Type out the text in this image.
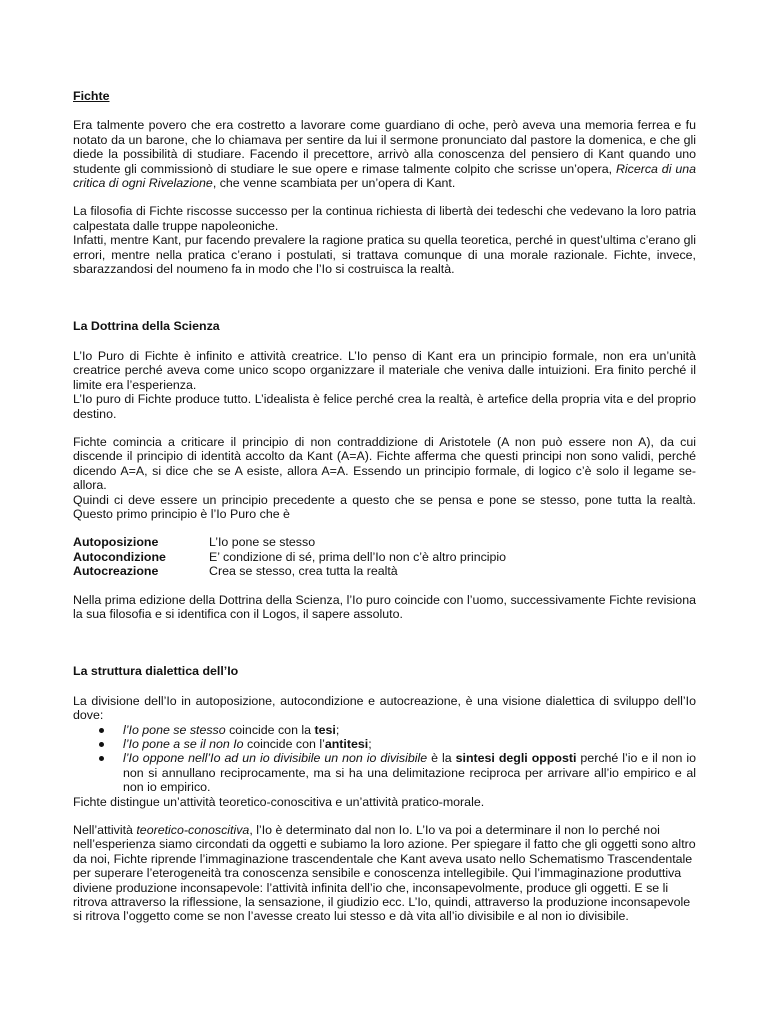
Fichte

Era talmente povero che era costretto a lavorare come guardiano di oche, però aveva una memoria ferrea e fu notato da un barone, che lo chiamava per sentire da lui il sermone pronunciato dal pastore la domenica, e che gli diede la possibilità di studiare. Facendo il precettore, arrivò alla conoscenza del pensiero di Kant quando uno studente gli commissionò di studiare le sue opere e rimase talmente colpito che scrisse un’opera, Ricerca di una critica di ogni Rivelazione, che venne scambiata per un’opera di Kant.

La filosofia di Fichte riscosse successo per la continua richiesta di libertà dei tedeschi che vedevano la loro patria calpestata dalle truppe napoleoniche.

Infatti, mentre Kant, pur facendo prevalere la ragione pratica su quella teoretica, perché in quest’ultima c’erano gli errori, mentre nella pratica c’erano i postulati, si trattava comunque di una morale razionale. Fichte, invece, sbarazzandosi del noumeno fa in modo che l’Io si costruisca la realtà.

La Dottrina della Scienza

L’Io Puro di Fichte è infinito e attività creatrice. L’Io penso di Kant era un principio formale, non era un’unità creatrice perché aveva come unico scopo organizzare il materiale che veniva dalle intuizioni. Era finito perché il limite era l’esperienza.

L’Io puro di Fichte produce tutto. L’idealista è felice perché crea la realtà, è artefice della propria vita e del proprio destino.

Fichte comincia a criticare il principio di non contraddizione di Aristotele (A non può essere non A), da cui discende il principio di identità accolto da Kant (A=A). Fichte afferma che questi principi non sono validi, perché dicendo A=A, si dice che se A esiste, allora A=A. Essendo un principio formale, di logico c’è solo il legame se-allora.

Quindi ci deve essere un principio precedente a questo che se pensa e pone se stesso, pone tutta la realtà. Questo primo principio è l’Io Puro che è

Autoposizione	L’Io pone se stesso
Autocondizione	E’ condizione di sé, prima dell’Io non c’è altro principio
Autocreazione	Crea se stesso, crea tutta la realtà

Nella prima edizione della Dottrina della Scienza, l’Io puro coincide con l’uomo, successivamente Fichte revisiona la sua filosofia e si identifica con il Logos, il sapere assoluto.

La struttura dialettica dell’Io

La divisione dell’Io in autoposizione, autocondizione e autocreazione, è una visione dialettica di sviluppo dell’Io dove:

l’Io pone se stesso coincide con la tesi;
l’Io pone a se il non Io coincide con l’antitesi;
l’Io oppone nell’Io ad un io divisibile un non io divisibile è la sintesi degli opposti perché l’io e il non io non si annullano reciprocamente, ma si ha una delimitazione reciproca per arrivare all’io empirico e al non io empirico.

Fichte distingue un’attività teoretico-conoscitiva e un’attività pratico-morale.

Nell’attività teoretico-conoscitiva, l’Io è determinato dal non Io. L’Io va poi a determinare il non Io perché noi nell’esperienza siamo circondati da oggetti e subiamo la loro azione. Per spiegare il fatto che gli oggetti sono altro da noi, Fichte riprende l’immaginazione trascendentale che Kant aveva usato nello Schematismo Trascendentale per superare l’eterogeneità tra conoscenza sensibile e conoscenza intellegibile. Qui l’immaginazione produttiva diviene produzione inconsapevole: l’attività infinita dell’io che, inconsapevolmente, produce gli oggetti. E se li ritrova attraverso la riflessione, la sensazione, il giudizio ecc. L’Io, quindi, attraverso la produzione inconsapevole si ritrova l’oggetto come se non l’avesse creato lui stesso e dà vita all’io divisibile e al non io divisibile.
